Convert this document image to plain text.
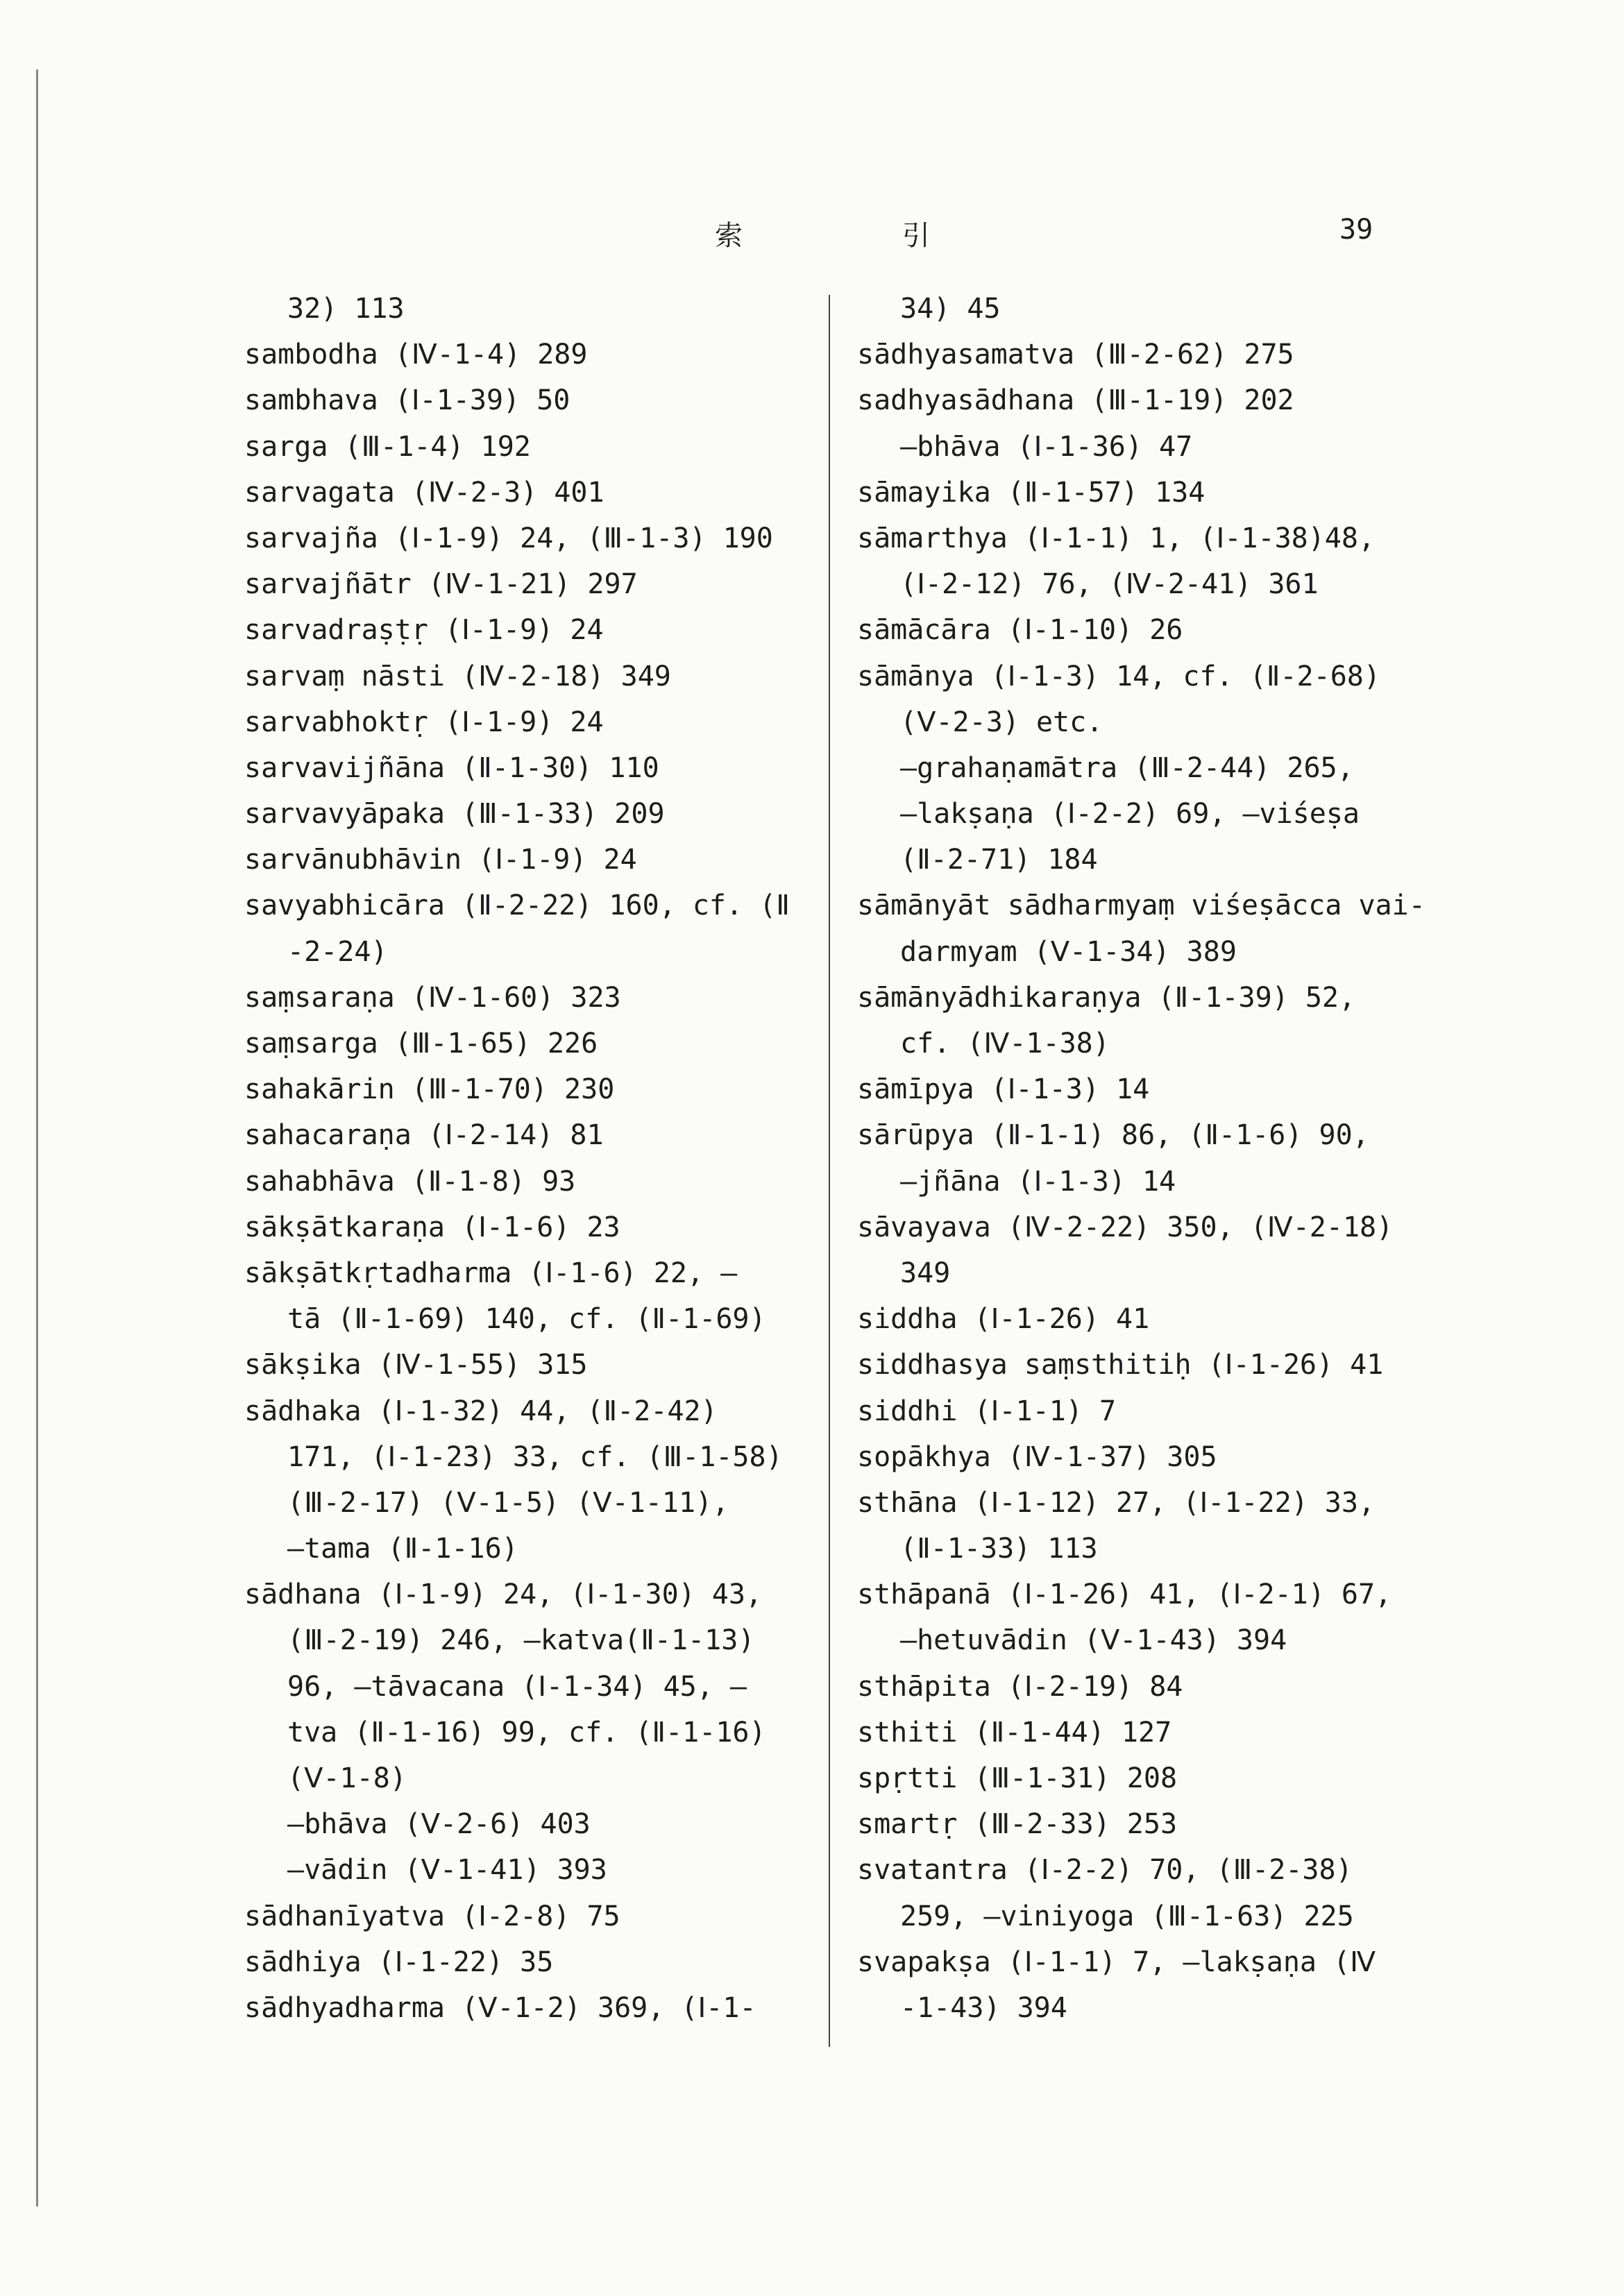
索	引	39
32) 113
sambodha (Ⅳ-1-4) 289
sambhava (Ⅰ-1-39) 50
sarga (Ⅲ-1-4) 192
sarvagata (Ⅳ-2-3) 401
sarvajña (Ⅰ-1-9) 24, (Ⅲ-1-3) 190
sarvajñātr (Ⅳ-1-21) 297
sarvadraṣṭṛ (Ⅰ-1-9) 24
sarvaṃ nāsti (Ⅳ-2-18) 349
sarvabhoktṛ (Ⅰ-1-9) 24
sarvavijñāna (Ⅱ-1-30) 110
sarvavyāpaka (Ⅲ-1-33) 209
sarvānubhāvin (Ⅰ-1-9) 24
savyabhicāra (Ⅱ-2-22) 160, cf. (Ⅱ
-2-24)
saṃsaraṇa (Ⅳ-1-60) 323
saṃsarga (Ⅲ-1-65) 226
sahakārin (Ⅲ-1-70) 230
sahacaraṇa (Ⅰ-2-14) 81
sahabhāva (Ⅱ-1-8) 93
sākṣātkaraṇa (Ⅰ-1-6) 23
sākṣātkṛtadharma (Ⅰ-1-6) 22, —
tā (Ⅱ-1-69) 140, cf. (Ⅱ-1-69)
sākṣika (Ⅳ-1-55) 315
sādhaka (Ⅰ-1-32) 44, (Ⅱ-2-42)
171, (Ⅰ-1-23) 33, cf. (Ⅲ-1-58)
(Ⅲ-2-17) (Ⅴ-1-5) (Ⅴ-1-11),
—tama (Ⅱ-1-16)
sādhana (Ⅰ-1-9) 24, (Ⅰ-1-30) 43,
(Ⅲ-2-19) 246, —katva(Ⅱ-1-13)
96, —tāvacana (Ⅰ-1-34) 45, —
tva (Ⅱ-1-16) 99, cf. (Ⅱ-1-16)
(Ⅴ-1-8)
—bhāva (Ⅴ-2-6) 403
—vādin (Ⅴ-1-41) 393
sādhanīyatva (Ⅰ-2-8) 75
sādhiya (Ⅰ-1-22) 35
sādhyadharma (Ⅴ-1-2) 369, (Ⅰ-1-
34) 45
sādhyasamatva (Ⅲ-2-62) 275
sadhyasādhana (Ⅲ-1-19) 202
—bhāva (Ⅰ-1-36) 47
sāmayika (Ⅱ-1-57) 134
sāmarthya (Ⅰ-1-1) 1, (Ⅰ-1-38)48,
(Ⅰ-2-12) 76, (Ⅳ-2-41) 361
sāmācāra (Ⅰ-1-10) 26
sāmānya (Ⅰ-1-3) 14, cf. (Ⅱ-2-68)
(Ⅴ-2-3) etc.
—grahaṇamātra (Ⅲ-2-44) 265,
—lakṣaṇa (Ⅰ-2-2) 69, —viśeṣa
(Ⅱ-2-71) 184
sāmānyāt sādharmyaṃ viśeṣācca vai-
darmyam (Ⅴ-1-34) 389
sāmānyādhikaraṇya (Ⅱ-1-39) 52,
cf. (Ⅳ-1-38)
sāmīpya (Ⅰ-1-3) 14
sārūpya (Ⅱ-1-1) 86, (Ⅱ-1-6) 90,
—jñāna (Ⅰ-1-3) 14
sāvayava (Ⅳ-2-22) 350, (Ⅳ-2-18)
349
siddha (Ⅰ-1-26) 41
siddhasya saṃsthitiḥ (Ⅰ-1-26) 41
siddhi (Ⅰ-1-1) 7
sopākhya (Ⅳ-1-37) 305
sthāna (Ⅰ-1-12) 27, (Ⅰ-1-22) 33,
(Ⅱ-1-33) 113
sthāpanā (Ⅰ-1-26) 41, (Ⅰ-2-1) 67,
—hetuvādin (Ⅴ-1-43) 394
sthāpita (Ⅰ-2-19) 84
sthiti (Ⅱ-1-44) 127
spṛtti (Ⅲ-1-31) 208
smartṛ (Ⅲ-2-33) 253
svatantra (Ⅰ-2-2) 70, (Ⅲ-2-38)
259, —viniyoga (Ⅲ-1-63) 225
svapakṣa (Ⅰ-1-1) 7, —lakṣaṇa (Ⅳ
-1-43) 394
